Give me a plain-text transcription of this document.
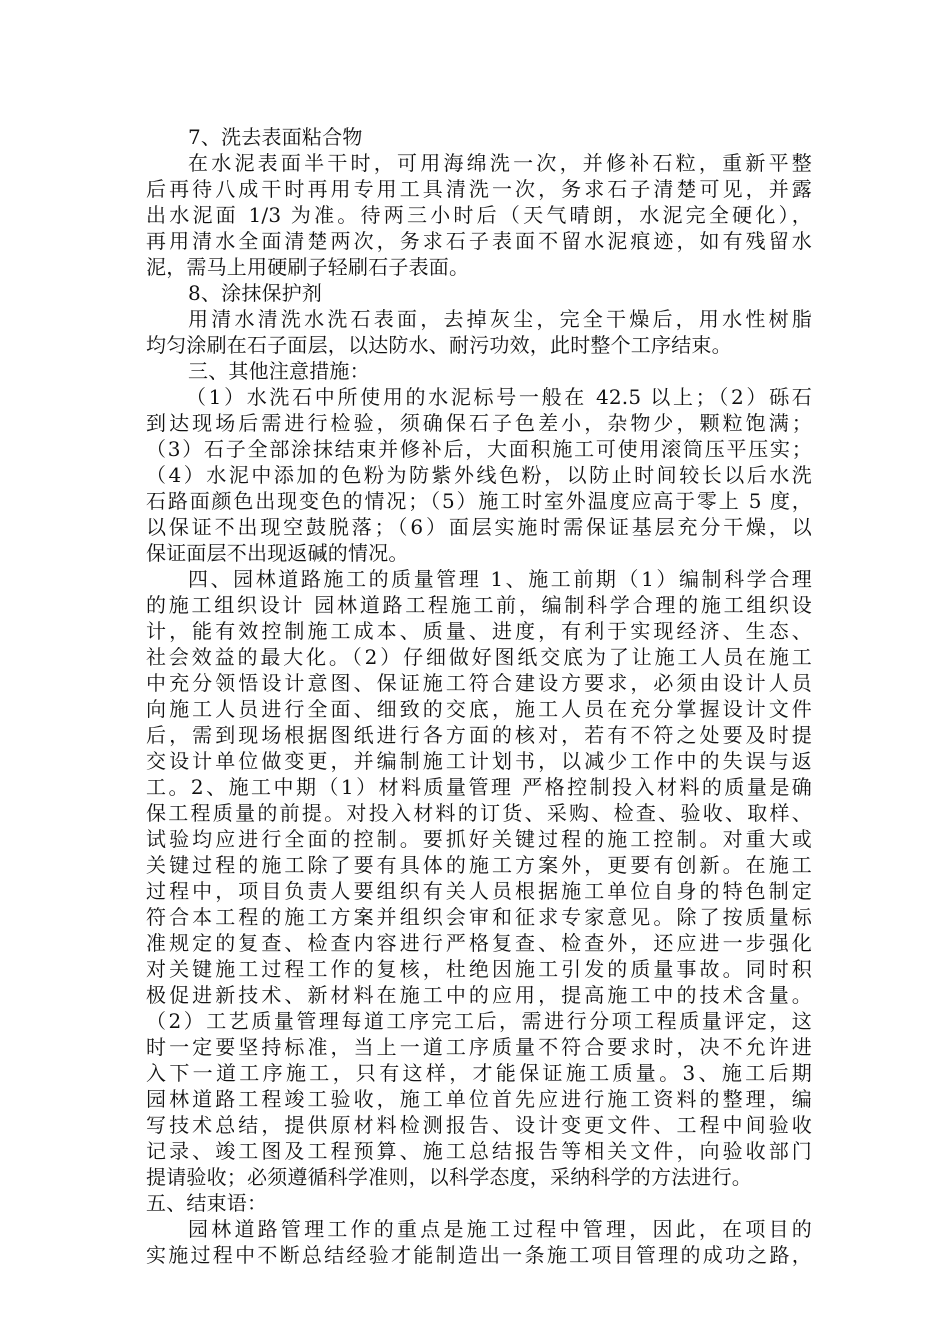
7、洗去表面粘合物
在水泥表面半干时，可用海绵洗一次，并修补石粒，重新平整
后再待八成干时再用专用工具清洗一次，务求石子清楚可见，并露
出水泥面 1/3 为准。待两三小时后（天气晴朗，水泥完全硬化），
再用清水全面清楚两次，务求石子表面不留水泥痕迹，如有残留水
泥，需马上用硬刷子轻刷石子表面。
8、涂抹保护剂
用清水清洗水洗石表面，去掉灰尘，完全干燥后，用水性树脂
均匀涂刷在石子面层，以达防水、耐污功效，此时整个工序结束。
三、其他注意措施：
（1）水洗石中所使用的水泥标号一般在 42.5 以上；（2）砾石
到达现场后需进行检验，须确保石子色差小，杂物少，颗粒饱满；
（3）石子全部涂抹结束并修补后，大面积施工可使用滚筒压平压实；
（4）水泥中添加的色粉为防紫外线色粉，以防止时间较长以后水洗
石路面颜色出现变色的情况；（5）施工时室外温度应高于零上 5 度，
以保证不出现空鼓脱落；（6）面层实施时需保证基层充分干燥，以
保证面层不出现返碱的情况。
四、园林道路施工的质量管理 1、施工前期（1）编制科学合理
的施工组织设计 园林道路工程施工前，编制科学合理的施工组织设
计，能有效控制施工成本、质量、进度，有利于实现经济、生态、
社会效益的最大化。（2）仔细做好图纸交底为了让施工人员在施工
中充分领悟设计意图、保证施工符合建设方要求，必须由设计人员
向施工人员进行全面、细致的交底，施工人员在充分掌握设计文件
后，需到现场根据图纸进行各方面的核对，若有不符之处要及时提
交设计单位做变更，并编制施工计划书，以减少工作中的失误与返
工。2、施工中期（1）材料质量管理 严格控制投入材料的质量是确
保工程质量的前提。对投入材料的订货、采购、检查、验收、取样、
试验均应进行全面的控制。要抓好关键过程的施工控制。对重大或
关键过程的施工除了要有具体的施工方案外，更要有创新。在施工
过程中，项目负责人要组织有关人员根据施工单位自身的特色制定
符合本工程的施工方案并组织会审和征求专家意见。除了按质量标
准规定的复查、检查内容进行严格复查、检查外，还应进一步强化
对关键施工过程工作的复核，杜绝因施工引发的质量事故。同时积
极促进新技术、新材料在施工中的应用，提高施工中的技术含量。
（2）工艺质量管理每道工序完工后，需进行分项工程质量评定，这
时一定要坚持标准，当上一道工序质量不符合要求时，决不允许进
入下一道工序施工，只有这样，才能保证施工质量。3、施工后期
园林道路工程竣工验收，施工单位首先应进行施工资料的整理，编
写技术总结，提供原材料检测报告、设计变更文件、工程中间验收
记录、竣工图及工程预算、施工总结报告等相关文件，向验收部门
提请验收；必须遵循科学准则，以科学态度，采纳科学的方法进行。
五、结束语：
园林道路管理工作的重点是施工过程中管理，因此，在项目的
实施过程中不断总结经验才能制造出一条施工项目管理的成功之路，
